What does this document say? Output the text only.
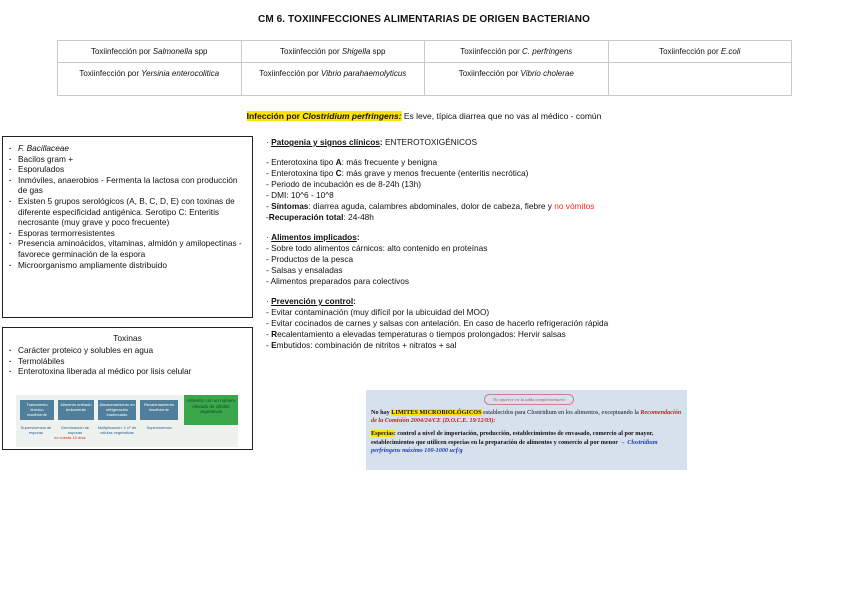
CM 6. TOXIINFECCIONES ALIMENTARIAS DE ORIGEN BACTERIANO
Toxiinfección por Salmonella spp	Toxiinfección por Shigella spp	Toxiinfección por C. perfringens	Toxiinfección por E.coli
Toxiinfección por Yersinia enterocolitica	Toxiinfección por Vibrio parahaemolyticus	Toxiinfección por Vibrio cholerae	
Infección por Clostridium perfringens: Es leve, típica diarrea que no vas al médico - común
· F. Bacillaceae
· Bacilos gram +
· Esporulados
· Inmóviles, anaerobios - Fermenta la lactosa con producción de gas
· Existen 5 grupos serológicos (A, B, C, D, E) con toxinas de diferente especificidad antigénica. Serotipo C: Enteritis necrosante (muy grave y poco frecuente)
· Esporas termorresistentes
· Presencia aminoácidos, vitaminas, almidón y amilopectinas - favorece germinación de la espora
· Microorganismo ampliamente distribuido
Toxinas
· Carácter proteico y solubles en agua
· Termolábiles
· Enterotoxina liberada al médico por lisis celular
Tratamiento térmico insuficiente
Alimento enfriado lentamente
Almacenamiento en refrigeración inadecuado
Recalentamiento insuficiente
Alimento con un número elevado de células vegetativas
Supervivencia de esporas
Germinación de esporas
Multiplicación: 1 nº de células vegetativas
Supervivencia
no cuesta 15 días
· Patogenia y signos clínicos: ENTEROTOXIGÉNICOS
- Enterotoxina tipo A: más frecuente y benigna
- Enterotoxina tipo C: más grave y menos frecuente (enteritis necrótica)
- Periodo de incubación es de 8-24h (13h)
- DMI: 10^6 - 10^8
- Síntomas: diarrea aguda, calambres abdominales, dolor de cabeza, fiebre y no vómitos
-Recuperación total: 24-48h
· Alimentos implicados:
- Sobre todo alimentos cárnicos: alto contenido en proteínas
- Productos de la pesca
- Salsas y ensaladas
- Alimentos preparados para colectivos
· Prevención y control:
- Evitar contaminación (muy difícil por la ubicuidad del MOO)
- Evitar cocinados de carnes y salsas con antelación. En caso de hacerlo refrigeración rápida
- Recalentamiento a elevadas temperaturas o tiempos prolongados: Hervir salsas
- Embutidos: combinación de nitritos + nitratos + sal
No aparece en la tabla complementaria
No hay LIMITES MICROBIOLÓGICOS establecidos para Clostridium en los alimentos, exceptuando la Recomendación de la Comisión 2004/24/CE (D.O.C.E. 19/12/03):
Especias: control a nivel de importación, producción, establecimientos de envasado, comercio al por mayor, establecimientos que utilicen especias en la preparación de alimentos y comercio al por menor → Clostridium perfringens máximo 100-1000 ucf/g
